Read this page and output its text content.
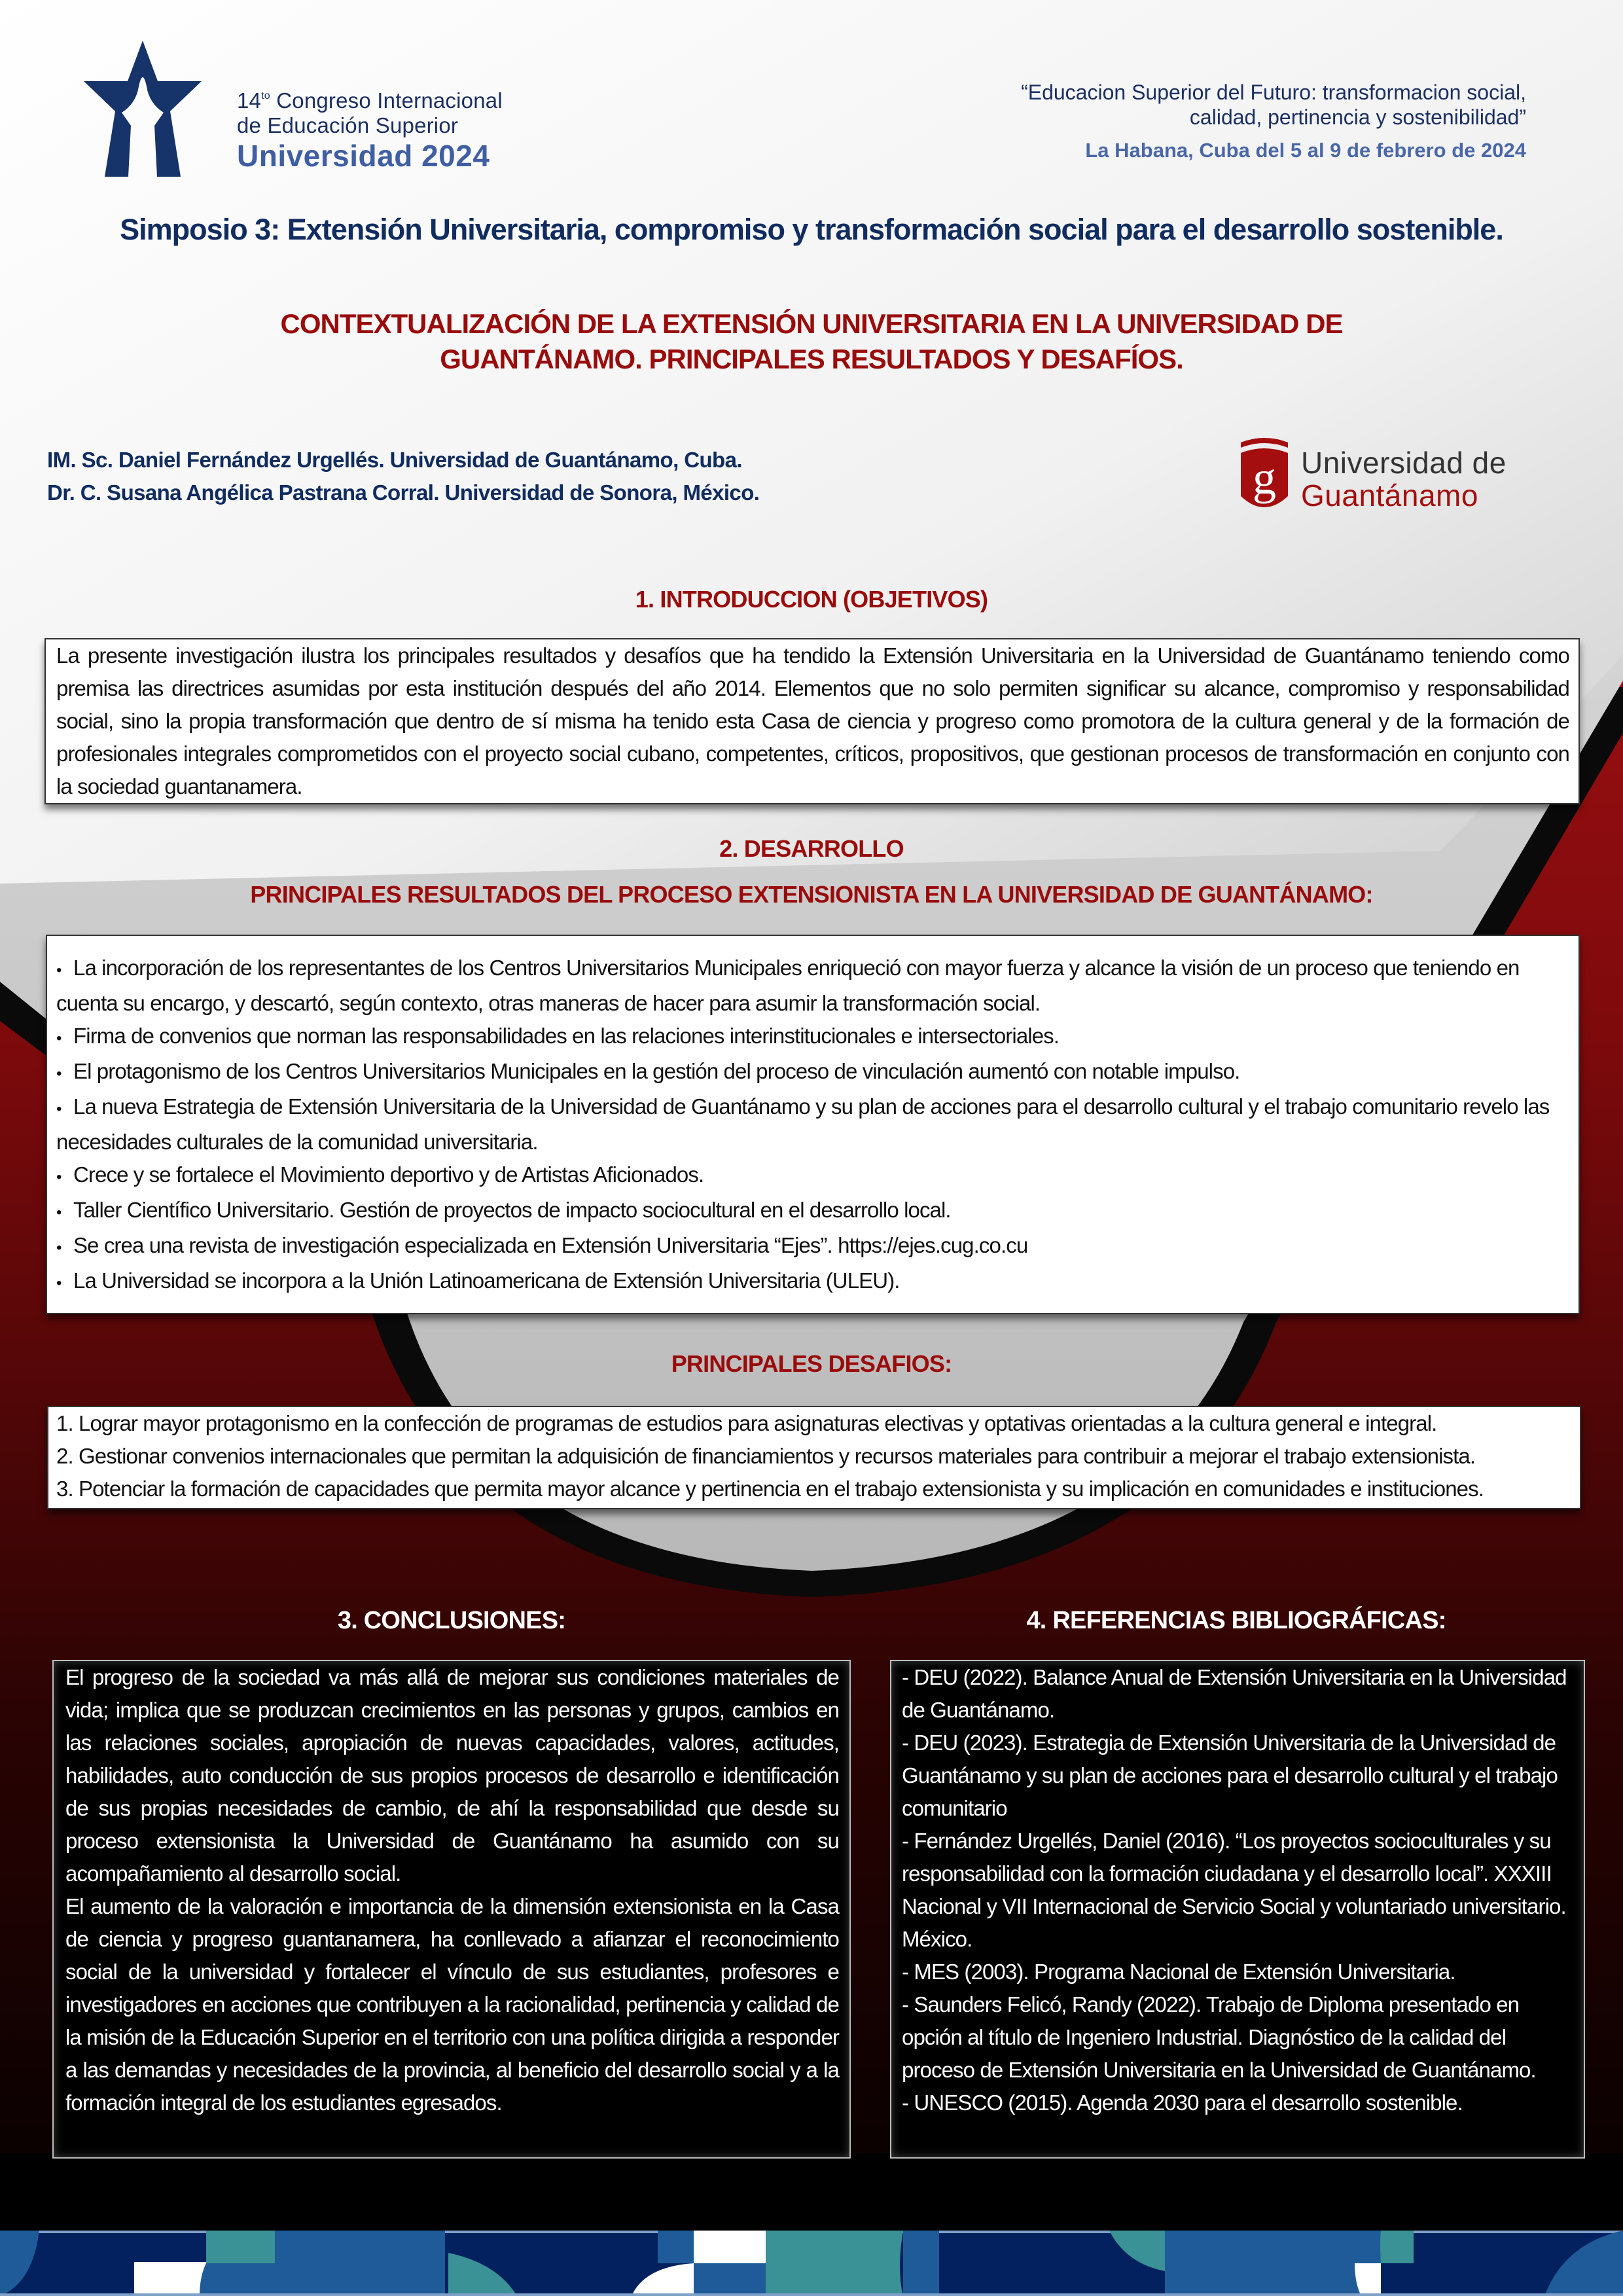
$14^{to}$ Congreso Internacional
de Educación Superior
Universidad 2024
“Educacion Superior del Futuro: transformacion social,
calidad, pertinencia y sostenibilidad”
La Habana, Cuba del 5 al 9 de febrero de 2024
Simposio 3: Extensión Universitaria, compromiso y transformación social para el desarrollo sostenible.
CONTEXTUALIZACIÓN DE LA EXTENSIÓN UNIVERSITARIA EN LA UNIVERSIDAD DE
GUANTÁNAMO. PRINCIPALES RESULTADOS Y DESAFÍOS.
IM. Sc. Daniel Fernández Urgellés. Universidad de Guantánamo, Cuba.
Dr. C. Susana Angélica Pastrana Corral. Universidad de Sonora, México.	g Universidad de
Guantánamo
1. INTRODUCCION (OBJETIVOS)

La presente investigación ilustra los principales resultados y desafíos que ha tendido la Extensión Universitaria en la Universidad de Guantánamo teniendo como premisa las directrices asumidas por esta institución después del año 2014. Elementos que no solo permiten significar su alcance, compromiso y responsabilidad social, sino la propia transformación que dentro de sí misma ha tenido esta Casa de ciencia y progreso como promotora de la cultura general y de la formación de profesionales integrales comprometidos con el proyecto social cubano, competentes, críticos, propositivos, que gestionan procesos de transformación en conjunto con la sociedad guantanamera.

2. DESARROLLO
PRINCIPALES RESULTADOS DEL PROCESO EXTENSIONISTA EN LA UNIVERSIDAD DE GUANTÁNAMO:

• La incorporación de los representantes de los Centros Universitarios Municipales enriqueció con mayor fuerza y alcance la visión de un proceso que teniendo en cuenta su encargo, y descartó, según contexto, otras maneras de hacer para asumir la transformación social.

• Firma de convenios que norman las responsabilidades en las relaciones interinstitucionales e intersectoriales.

• El protagonismo de los Centros Universitarios Municipales en la gestión del proceso de vinculación aumentó con notable impulso.

• La nueva Estrategia de Extensión Universitaria de la Universidad de Guantánamo y su plan de acciones para el desarrollo cultural y el trabajo comunitario revelo las necesidades culturales de la comunidad universitaria.

• Crece y se fortalece el Movimiento deportivo y de Artistas Aficionados.

• Taller Científico Universitario. Gestión de proyectos de impacto sociocultural en el desarrollo local.

• Se crea una revista de investigación especializada en Extensión Universitaria “Ejes”. https://ejes.cug.co.cu

• La Universidad se incorpora a la Unión Latinoamericana de Extensión Universitaria (ULEU).

PRINCIPALES DESAFIOS:

1. Lograr mayor protagonismo en la confección de programas de estudios para asignaturas electivas y optativas orientadas a la cultura general e integral.

2. Gestionar convenios internacionales que permitan la adquisición de financiamientos y recursos materiales para contribuir a mejorar el trabajo extensionista.

3. Potenciar la formación de capacidades que permita mayor alcance y pertinencia en el trabajo extensionista y su implicación en comunidades e instituciones.

3. CONCLUSIONES:

El progreso de la sociedad va más allá de mejorar sus condiciones materiales de vida; implica que se produzcan crecimientos en las personas y grupos, cambios en las relaciones sociales, apropiación de nuevas capacidades, valores, actitudes, habilidades, auto conducción de sus propios procesos de desarrollo e identificación de sus propias necesidades de cambio, de ahí la responsabilidad que desde su proceso extensionista la Universidad de Guantánamo ha asumido con su acompañamiento al desarrollo social.

El aumento de la valoración e importancia de la dimensión extensionista en la Casa de ciencia y progreso guantanamera, ha conllevado a afianzar el reconocimiento social de la universidad y fortalecer el vínculo de sus estudiantes, profesores e investigadores en acciones que contribuyen a la racionalidad, pertinencia y calidad de la misión de la Educación Superior en el territorio con una política dirigida a responder a las demandas y necesidades de la provincia, al beneficio del desarrollo social y a la formación integral de los estudiantes egresados.

4. REFERENCIAS BIBLIOGRÁFICAS:

- DEU (2022). Balance Anual de Extensión Universitaria en la Universidad de Guantánamo.

- DEU (2023). Estrategia de Extensión Universitaria de la Universidad de Guantánamo y su plan de acciones para el desarrollo cultural y el trabajo comunitario

- Fernández Urgellés, Daniel (2016). “Los proyectos socioculturales y su responsabilidad con la formación ciudadana y el desarrollo local”. XXXIII Nacional y VII Internacional de Servicio Social y voluntariado universitario. México.

- MES (2003). Programa Nacional de Extensión Universitaria.

- Saunders Felicó, Randy (2022). Trabajo de Diploma presentado en opción al título de Ingeniero Industrial. Diagnóstico de la calidad del proceso de Extensión Universitaria en la Universidad de Guantánamo.

- UNESCO (2015). Agenda 2030 para el desarrollo sostenible.
